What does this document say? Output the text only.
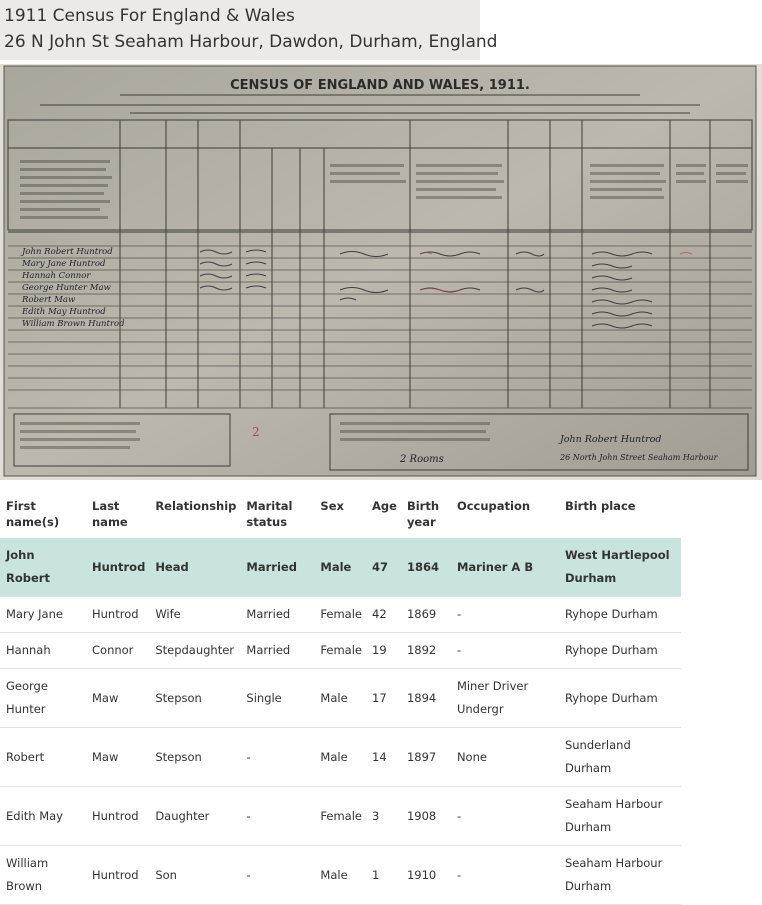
1911 Census For England & Wales
26 N John St Seaham Harbour, Dawdon, Durham, England
CENSUS OF ENGLAND AND WALES, 1911.
John Robert Huntrod
Mary Jane Huntrod
Hannah Connor
George Hunter Maw
Robert Maw
Edith May Huntrod
William Brown Huntrod
2
2 Rooms
John Robert Huntrod
26 North John Street Seaham Harbour
First name(s)	Last name	Relationship	Marital status	Sex	Age	Birth year	Occupation	Birth place
John Robert	Huntrod	Head	Married	Male	47	1864	Mariner A B	West Hartlepool Durham
Mary Jane	Huntrod	Wife	Married	Female	42	1869	-	Ryhope Durham
Hannah	Connor	Stepdaughter	Married	Female	19	1892	-	Ryhope Durham
George Hunter	Maw	Stepson	Single	Male	17	1894	Miner Driver Undergr	Ryhope Durham
Robert	Maw	Stepson	-	Male	14	1897	None	Sunderland Durham
Edith May	Huntrod	Daughter	-	Female	3	1908	-	Seaham Harbour Durham
William Brown	Huntrod	Son	-	Male	1	1910	-	Seaham Harbour Durham
